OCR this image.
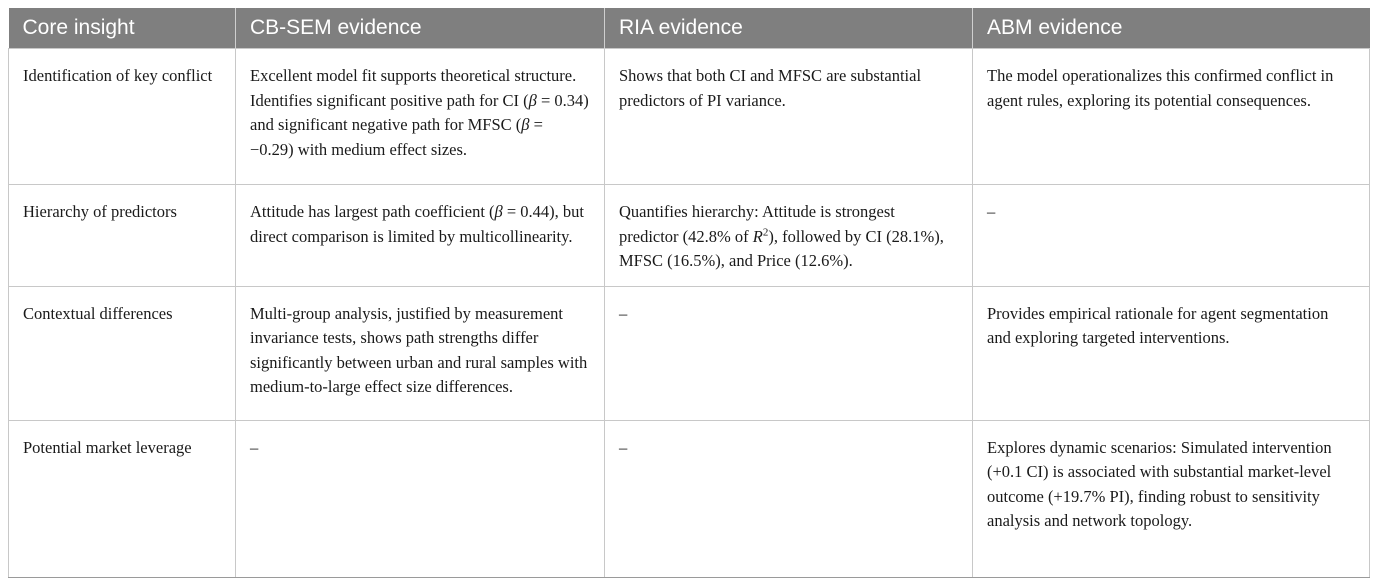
Core insight	CB-SEM evidence	RIA evidence	ABM evidence
Identification of key conflict	Excellent model fit supports theoretical structure. Identifies significant positive path for CI (β = 0.34) and significant negative path for MFSC (β = −0.29) with medium effect sizes.	Shows that both CI and MFSC are substantial predictors of PI variance.	The model operationalizes this confirmed conflict in agent rules, exploring its potential consequences.
Hierarchy of predictors	Attitude has largest path coefficient (β = 0.44), but direct comparison is limited by multicollinearity.	Quantifies hierarchy: Attitude is strongest predictor (42.8% of $R^2$), followed by CI (28.1%), MFSC (16.5%), and Price (12.6%).	–
Contextual differences	Multi-group analysis, justified by measurement invariance tests, shows path strengths differ significantly between urban and rural samples with medium-to-large effect size differences.	–	Provides empirical rationale for agent segmentation and exploring targeted interventions.
Potential market leverage	–	–	Explores dynamic scenarios: Simulated intervention (+0.1 CI) is associated with substantial market-level outcome (+19.7% PI), finding robust to sensitivity analysis and network topology.
